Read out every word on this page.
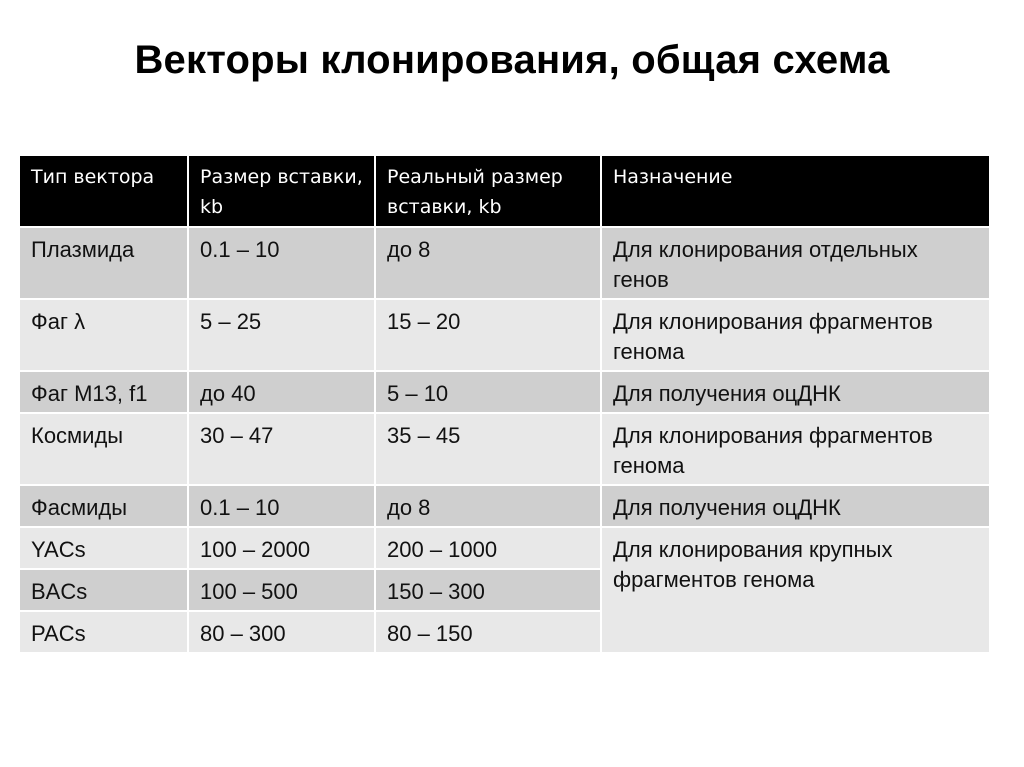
Векторы клонирования, общая схема
Тип вектора	Размер вставки, kb	Реальный размер вставки, kb	Назначение
Плазмида	0.1 – 10	до 8	Для клонирования отдельных генов
Фаг λ	5 – 25	15 – 20	Для клонирования фрагментов генома
Фаг M13, f1	до 40	5 – 10	Для получения оцДНК
Космиды	30 – 47	35 – 45	Для клонирования фрагментов генома
Фасмиды	0.1 – 10	до 8	Для получения оцДНК
YACs	100 – 2000	200 – 1000	Для клонирования крупных фрагментов генома
BACs	100 – 500	150 – 300	
PACs	80 – 300	80 – 150	
